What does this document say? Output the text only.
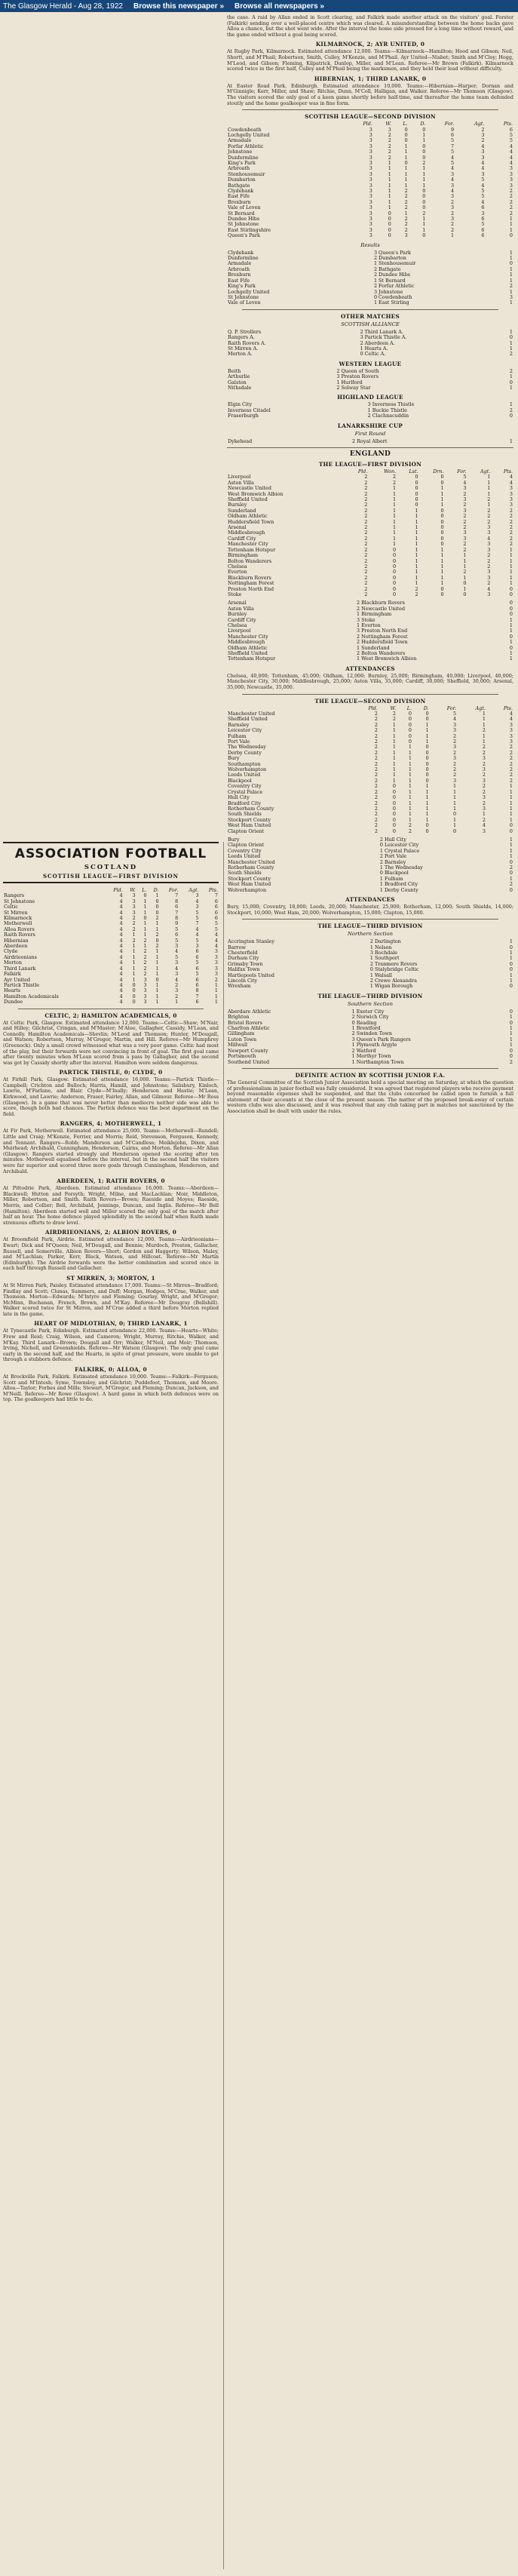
The Glasgow Herald - Aug 28, 1922 Browse this newspaper » Browse all newspapers »
ASSOCIATION FOOTBALL
SCOTLAND
SCOTTISH LEAGUE—FIRST DIVISION
	Pld.	W.	L.	D.	For.	Agt.	Pts.
Rangers	4	3	0	1	7	3	7
St Johnstone	4	3	1	0	8	4	6
Celtic	4	3	1	0	6	3	6
St Mirren	4	3	1	0	7	5	6
Kilmarnock	4	2	0	2	8	5	6
Motherwell	4	2	1	1	9	7	5
Alloa Rovers	4	2	1	1	5	4	5
Raith Rovers	4	1	1	2	6	4	4
Hibernian	4	2	2	0	5	5	4
Aberdeen	4	1	1	2	3	3	4
Clyde	4	1	2	1	4	6	3
Airdrieonians	4	1	2	1	5	6	3
Morton	4	1	2	1	3	5	3
Third Lanark	4	1	2	1	4	6	3
Falkirk	4	1	2	1	3	5	3
Ayr United	4	1	3	0	4	6	2
Partick Thistle	4	0	3	1	2	6	1
Hearts	4	0	3	1	3	8	1
Hamilton Academicals	4	0	3	1	2	7	1
Dundee	4	0	3	1	1	6	1
CELTIC, 2; HAMILTON ACADEMICALS, 0

At Celtic Park, Glasgow. Estimated attendance 12,000. Teams:—Celtic—Shaw; M'Nair, and Hilley; Gilchrist, Cringan, and M'Master; M'Atee, Gallagher, Cassidy, M'Lean, and Connolly. Hamilton Academicals—Shevlin; M'Leod and Thomson; Hunter, M'Dougall, and Watson; Robertson, Murray, M'Gregor, Martin, and Hill. Referee—Mr Humphrey (Greenock). Only a small crowd witnessed what was a very poor game. Celtic had most of the play, but their forwards were not convincing in front of goal. The first goal came after twenty minutes when M'Lean scored from a pass by Gallagher, and the second was got by Cassidy shortly after the interval. Hamilton were seldom dangerous.

PARTICK THISTLE, 0; CLYDE, 0

At Firhill Park, Glasgow. Estimated attendance 16,000. Teams:—Partick Thistle—Campbell; Crichton and Bulloch; Harris, Hamill, and Johnstone; Salisbury, Kinloch, Lawrie, M'Farlane, and Blair. Clyde—M'Inally; Henderson and Hastie; M'Lean, Kirkwood, and Lawrie; Anderson, Fraser, Fairley, Allan, and Gilmour. Referee—Mr Ross (Glasgow). In a game that was never better than mediocre neither side was able to score, though both had chances. The Partick defence was the best department on the field.

RANGERS, 4; MOTHERWELL, 1

At Fir Park, Motherwell. Estimated attendance 25,000. Teams:—Motherwell—Rundell; Little and Craig; M'Kenzie, Ferrier, and Morris; Reid, Stevenson, Ferguson, Kennedy, and Tennant. Rangers—Robb; Manderson and M'Candless; Meiklejohn, Dixon, and Muirhead; Archibald, Cunningham, Henderson, Cairns, and Morton. Referee—Mr Allan (Glasgow). Rangers started strongly and Henderson opened the scoring after ten minutes. Motherwell equalised before the interval, but in the second half the visitors were far superior and scored three more goals through Cunningham, Henderson, and Archibald.

ABERDEEN, 1; RAITH ROVERS, 0

At Pittodrie Park, Aberdeen. Estimated attendance 16,000. Teams:—Aberdeen—Blackwell; Hutton and Forsyth; Wright, Milne, and MacLachlan; Moir, Middleton, Miller, Robertson, and Smith. Raith Rovers—Brown; Raeside and Moyes; Raeside, Morris, and Collier; Bell, Archibald, Jennings, Duncan, and Inglis. Referee—Mr Bell (Hamilton). Aberdeen started well and Miller scored the only goal of the match after half an hour. The home defence played splendidly in the second half when Raith made strenuous efforts to draw level.

AIRDRIEONIANS, 2; ALBION ROVERS, 0

At Broomfield Park, Airdrie. Estimated attendance 12,000. Teams:—Airdrieonians—Ewart; Dick and M'Queen; Neil, M'Dougall, and Bennie; Murdoch, Preston, Gallacher, Russell, and Somerville. Albion Rovers—Short; Gordon and Haggerty; Wilson, Maley, and M'Lachlan; Parker, Kerr, Black, Watson, and Hillcoat. Referee—Mr Martin (Edinburgh). The Airdrie forwards were the better combination and scored once in each half through Russell and Gallacher.

ST MIRREN, 3; MORTON, 1

At St Mirren Park, Paisley. Estimated attendance 17,000. Teams:—St Mirren—Bradford; Findlay and Scott; Clunas, Summers, and Duff; Morgan, Hodges, M'Crae, Walker, and Thomson. Morton—Edwards; M'Intyre and Fleming; Gourlay, Wright, and M'Gregor; McMinn, Buchanan, French, Brown, and M'Kay. Referee—Mr Dougray (Bellshill). Walker scored twice for St Mirren, and M'Crae added a third before Morton replied late in the game.

HEART OF MIDLOTHIAN, 0; THIRD LANARK, 1

At Tynecastle Park, Edinburgh. Estimated attendance 22,000. Teams:—Hearts—White; Frew and Reid; Craig, Wilson, and Cameron; Wright, Murray, Ritchie, Walker, and M'Kay. Third Lanark—Brown; Dougall and Orr; Walker, M'Neil, and Moir; Thomson, Irving, Nicholl, and Greenshields. Referee—Mr Watson (Glasgow). The only goal came early in the second half, and the Hearts, in spite of great pressure, were unable to get through a stubborn defence.

FALKIRK, 0; ALLOA, 0

At Brockville Park, Falkirk. Estimated attendance 10,000. Teams:—Falkirk—Ferguson; Scott and M'Intosh; Syme, Townsley, and Gilchrist; Puddefoot, Thomson, and Moore. Alloa—Taylor; Forbes and Mills; Stewart, M'Gregor, and Fleming; Duncan, Jackson, and M'Neill. Referee—Mr Rowe (Glasgow). A hard game in which both defences were on top. The goalkeepers had little to do.

the case. A raid by Allan ended in Scott clearing, and Falkirk made another attack on the visitors' goal. Forster (Falkirk) sending over a well-placed centre which was cleared. A misunderstanding between the home backs gave Alloa a chance, but the shot went wide. After the interval the home side pressed for a long time without reward, and the game ended without a goal being scored.

KILMARNOCK, 2; AYR UNITED, 0

At Rugby Park, Kilmarnock. Estimated attendance 12,000. Teams:—Kilmarnock—Hamilton; Hood and Gibson; Neil, Shortt, and M'Phail; Robertson, Smith, Culley, M'Kenzie, and M'Phail. Ayr United—Nisbet; Smith and M'Cloy; Hogg, M'Leod, and Gibson; Fleming, Kilpatrick, Dunlop, Miller, and M'Lean. Referee—Mr Brown (Falkirk). Kilmarnock scored twice in the first half, Culley and M'Phail being the marksmen, and they held their lead without difficulty.

HIBERNIAN, 1; THIRD LANARK, 0

At Easter Road Park, Edinburgh. Estimated attendance 10,000. Teams:—Hibernian—Harper; Dornan and M'Ginnigle; Kerr, Miller, and Shaw; Ritchie, Dunn, M'Coll, Halligan, and Walker. Referee—Mr Thomson (Glasgow). The visitors scored the only goal of a keen game shortly before half-time, and thereafter the home team defended stoutly and the home goalkeeper was in fine form.

SCOTTISH LEAGUE—SECOND DIVISION
	Pld.	W.	L.	D.	For.	Agt.	Pts.
Cowdenbeath	3	3	0	0	9	2	6
Lochgelly United	3	2	0	1	6	3	5
Armadale	3	2	0	1	5	2	5
Forfar Athletic	3	2	1	0	7	4	4
Johnstone	3	2	1	0	5	3	4
Dunfermline	3	2	1	0	4	3	4
King's Park	3	1	0	2	5	4	4
Arbroath	3	1	1	1	4	4	3
Stenhousemuir	3	1	1	1	3	3	3
Dumbarton	3	1	1	1	4	5	3
Bathgate	3	1	1	1	3	4	3
Clydebank	3	1	2	0	4	5	2
East Fife	3	1	2	0	3	5	2
Broxburn	3	1	2	0	2	4	2
Vale of Leven	3	1	2	0	3	6	2
St Bernard	3	0	1	2	2	3	2
Dundee Hibs	3	0	2	1	3	6	1
St Johnstone	3	0	2	1	2	5	1
East Stirlingshire	3	0	2	1	2	6	1
Queen's Park	3	0	3	0	1	6	0
Results
Clydebank	3	Queen's Park	1
Dunfermline	2	Dumbarton	1
Armadale	1	Stenhousemuir	0
Arbroath	2	Bathgate	1
Broxburn	2	Dundee Hibs	1
East Fife	1	St Bernard	1
King's Park	2	Forfar Athletic	2
Lochgelly United	3	Johnstone	1
St Johnstone	0	Cowdenbeath	3
Vale of Leven	1	East Stirling	1
OTHER MATCHES
SCOTTISH ALLIANCE
Q. P. Strollers	2	Third Lanark A.	1
Rangers A.	3	Partick Thistle A.	0
Raith Rovers A.	2	Aberdeen A.	1
St Mirren A.	1	Hearts A.	1
Morton A.	0	Celtic A.	2
WESTERN LEAGUE
Beith	2	Queen of South	2
Arthurlie	3	Preston Rovers	1
Galston	1	Hurlford	0
Nithsdale	2	Solway Star	1
HIGHLAND LEAGUE
Elgin City	3	Inverness Thistle	1
Inverness Citadel	1	Buckie Thistle	2
Fraserburgh	2	Clachnacuddin	0
LANARKSHIRE CUP
First Round
Dykehead	2	Royal Albert	1
ENGLAND
THE LEAGUE—FIRST DIVISION
	Pld.	Won.	Lst.	Drn.	For.	Agt.	Pts.
Liverpool	2	2	0	0	5	1	4
Aston Villa	2	2	0	0	4	1	4
Newcastle United	2	1	0	1	3	1	3
West Bromwich Albion	2	1	0	1	2	1	3
Sheffield United	2	1	0	1	3	2	3
Burnley	2	1	0	1	2	1	3
Sunderland	2	1	1	0	3	2	2
Oldham Athletic	2	1	1	0	2	2	2
Huddersfield Town	2	1	1	0	2	2	2
Arsenal	2	1	1	0	2	3	2
Middlesbrough	2	1	1	0	3	3	2
Cardiff City	2	1	1	0	3	4	2
Manchester City	2	1	1	0	2	3	2
Tottenham Hotspur	2	0	1	1	2	3	1
Birmingham	2	0	1	1	1	2	1
Bolton Wanderers	2	0	1	1	1	2	1
Chelsea	2	0	1	1	1	2	1
Everton	2	0	1	1	2	3	1
Blackburn Rovers	2	0	1	1	1	3	1
Nottingham Forest	2	0	1	1	0	2	1
Preston North End	2	0	2	0	1	4	0
Stoke	2	0	2	0	0	3	0
Arsenal	2	Blackburn Rovers	0
Aston Villa	2	Newcastle United	0
Burnley	1	Birmingham	0
Cardiff City	3	Stoke	1
Chelsea	1	Everton	1
Liverpool	3	Preston North End	1
Manchester City	2	Nottingham Forest	0
Middlesbrough	2	Huddersfield Town	1
Oldham Athletic	1	Sunderland	0
Sheffield United	2	Bolton Wanderers	1
Tottenham Hotspur	1	West Bromwich Albion	1
ATTENDANCES

Chelsea, 40,000; Tottenham, 45,000; Oldham, 12,000; Burnley, 25,000; Birmingham, 40,000; Liverpool, 40,000; Manchester City, 30,000; Middlesbrough, 25,000; Aston Villa, 35,000; Cardiff, 30,000; Sheffield, 30,000; Arsenal, 35,000; Newcastle, 35,000.

THE LEAGUE—SECOND DIVISION
	Pld.	W.	L.	D.	For.	Agt.	Pts.
Manchester United	2	2	0	0	5	1	4
Sheffield United	2	2	0	0	4	1	4
Barnsley	2	1	0	1	3	1	3
Leicester City	2	1	0	1	3	2	3
Fulham	2	1	0	1	2	1	3
Port Vale	2	1	0	1	2	1	3
The Wednesday	2	1	1	0	3	2	2
Derby County	2	1	1	0	2	2	2
Bury	2	1	1	0	3	3	2
Southampton	2	1	1	0	2	2	2
Wolverhampton	2	1	1	0	2	3	2
Leeds United	2	1	1	0	2	2	2
Blackpool	2	1	1	0	3	3	2
Coventry City	2	0	1	1	1	2	1
Crystal Palace	2	0	1	1	1	2	1
Hull City	2	0	1	1	1	3	1
Bradford City	2	0	1	1	1	2	1
Rotherham County	2	0	1	1	1	3	1
South Shields	2	0	1	1	0	1	1
Stockport County	2	0	1	1	1	2	1
West Ham United	2	0	2	0	1	4	0
Clapton Orient	2	0	2	0	0	3	0
Bury	2	Hull City	1
Clapton Orient	0	Leicester City	1
Coventry City	1	Crystal Palace	1
Leeds United	2	Port Vale	1
Manchester United	2	Barnsley	0
Rotherham County	1	The Wednesday	2
South Shields	0	Blackpool	0
Stockport County	1	Fulham	1
West Ham United	1	Bradford City	2
Wolverhampton	1	Derby County	0
ATTENDANCES

Bury, 15,000; Coventry, 18,000; Leeds, 20,000; Manchester, 25,000; Rotherham, 12,000; South Shields, 14,000; Stockport, 10,000; West Ham, 20,000; Wolverhampton, 15,000; Clapton, 15,000.

THE LEAGUE—THIRD DIVISION
Northern Section
Accrington Stanley	2	Darlington	1
Barrow	1	Nelson	0
Chesterfield	3	Rochdale	1
Durham City	1	Southport	1
Grimsby Town	2	Tranmere Rovers	0
Halifax Town	0	Stalybridge Celtic	0
Hartlepools United	1	Walsall	1
Lincoln City	2	Crewe Alexandra	1
Wrexham	1	Wigan Borough	0
THE LEAGUE—THIRD DIVISION
Southern Section
Aberdare Athletic	1	Exeter City	0
Brighton	2	Norwich City	1
Bristol Rovers	0	Reading	0
Charlton Athletic	1	Brentford	1
Gillingham	2	Swindon Town	1
Luton Town	3	Queen's Park Rangers	1
Millwall	1	Plymouth Argyle	1
Newport County	2	Watford	0
Portsmouth	1	Merthyr Town	0
Southend United	1	Northampton Town	2
DEFINITE ACTION BY SCOTTISH JUNIOR F.A.

The General Committee of the Scottish Junior Association held a special meeting on Saturday, at which the question of professionalism in junior football was fully considered. It was agreed that registered players who receive payment beyond reasonable expenses shall be suspended, and that the clubs concerned be called upon to furnish a full statement of their accounts at the close of the present season. The matter of the proposed break-away of certain western clubs was also discussed, and it was resolved that any club taking part in matches not sanctioned by the Association shall be dealt with under the rules.
